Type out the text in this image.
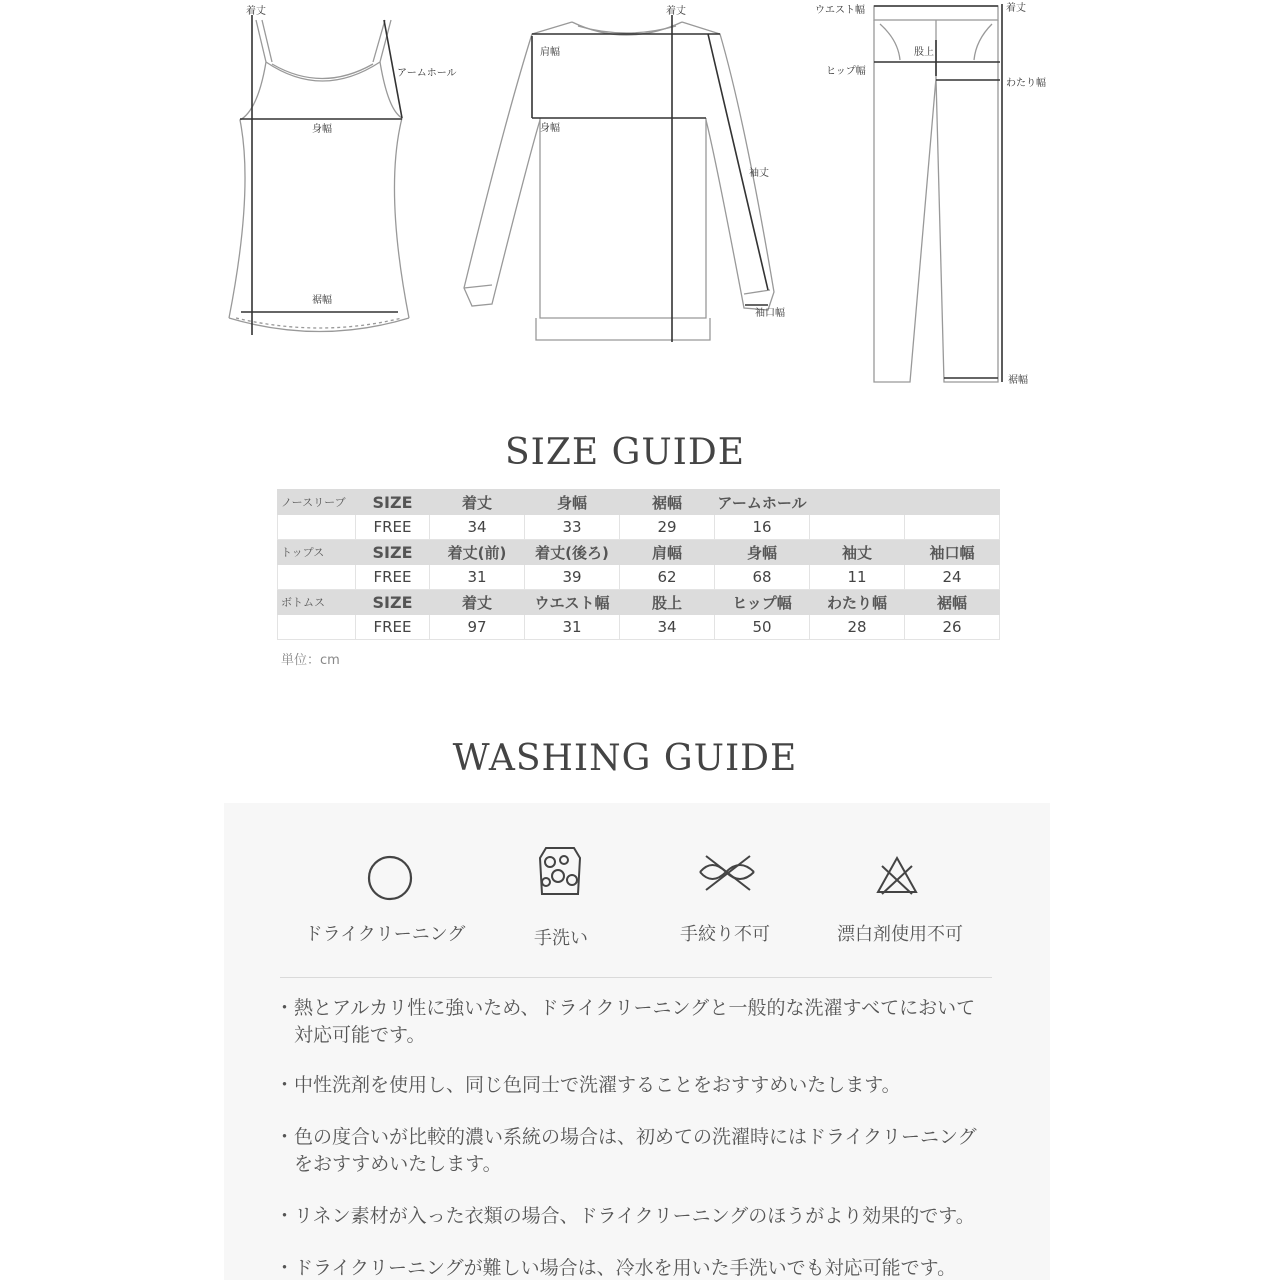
着丈
アームホール
身幅
裾幅
着丈
肩幅
身幅
袖丈
袖口幅
ウエスト幅	着丈
股上
ヒップ幅
わたり幅
裾幅
SIZE GUIDE
ノースリーブ	SIZE	着丈	身幅	裾幅	アームホール		
	FREE	34	33	29	16		
トップス	SIZE	着丈(前)	着丈(後ろ)	肩幅	身幅	袖丈	袖口幅
	FREE	31	39	62	68	11	24
ボトムス	SIZE	着丈	ウエスト幅	股上	ヒップ幅	わたり幅	裾幅
	FREE	97	31	34	50	28	26
単位：cm
WASHING GUIDE
ドライクリーニング	手洗い	手絞り不可	漂白剤使用不可
・熱とアルカリ性に強いため、ドライクリーニングと一般的な洗濯すべてにおいて
　対応可能です。
・中性洗剤を使用し、同じ色同士で洗濯することをおすすめいたします。
・色の度合いが比較的濃い系統の場合は、初めての洗濯時にはドライクリーニング
　をおすすめいたします。
・リネン素材が入った衣類の場合、ドライクリーニングのほうがより効果的です。
・ドライクリーニングが難しい場合は、冷水を用いた手洗いでも対応可能です。
